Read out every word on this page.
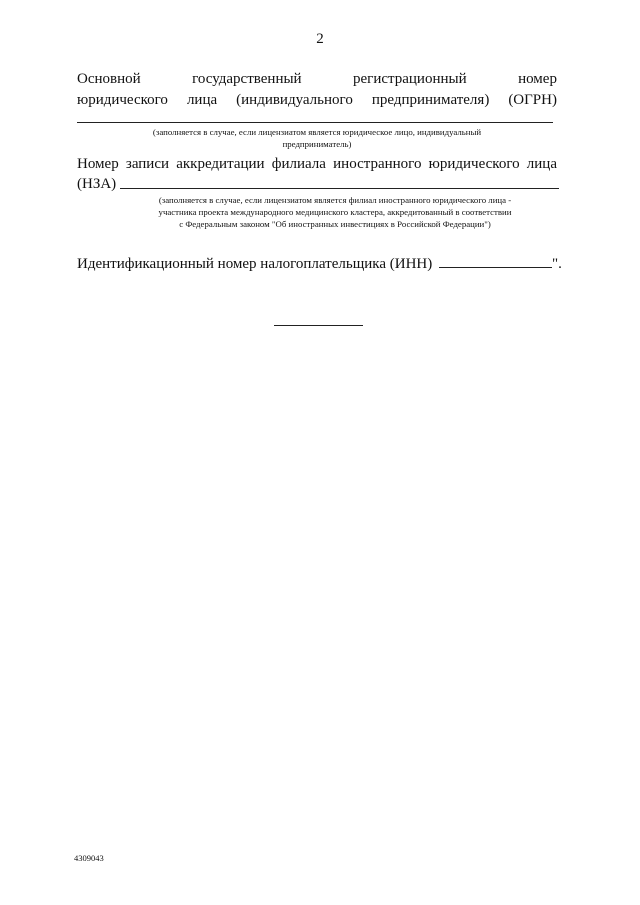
2
Основной	государственный	регистрационный	номер
юридического лица (индивидуального предпринимателя) (ОГРН)
(заполняется в случае, если лицензиатом является юридическое лицо, индивидуальный
предприниматель)
Номер записи аккредитации филиала иностранного юридического лица
(НЗА)
(заполняется в случае, если лицензиатом является филиал иностранного юридического лица -
участника проекта международного медицинского кластера, аккредитованный в соответствии
с Федеральным законом "Об иностранных инвестициях в Российской Федерации")
Идентификационный номер налогоплательщика (ИНН)	".
4309043
